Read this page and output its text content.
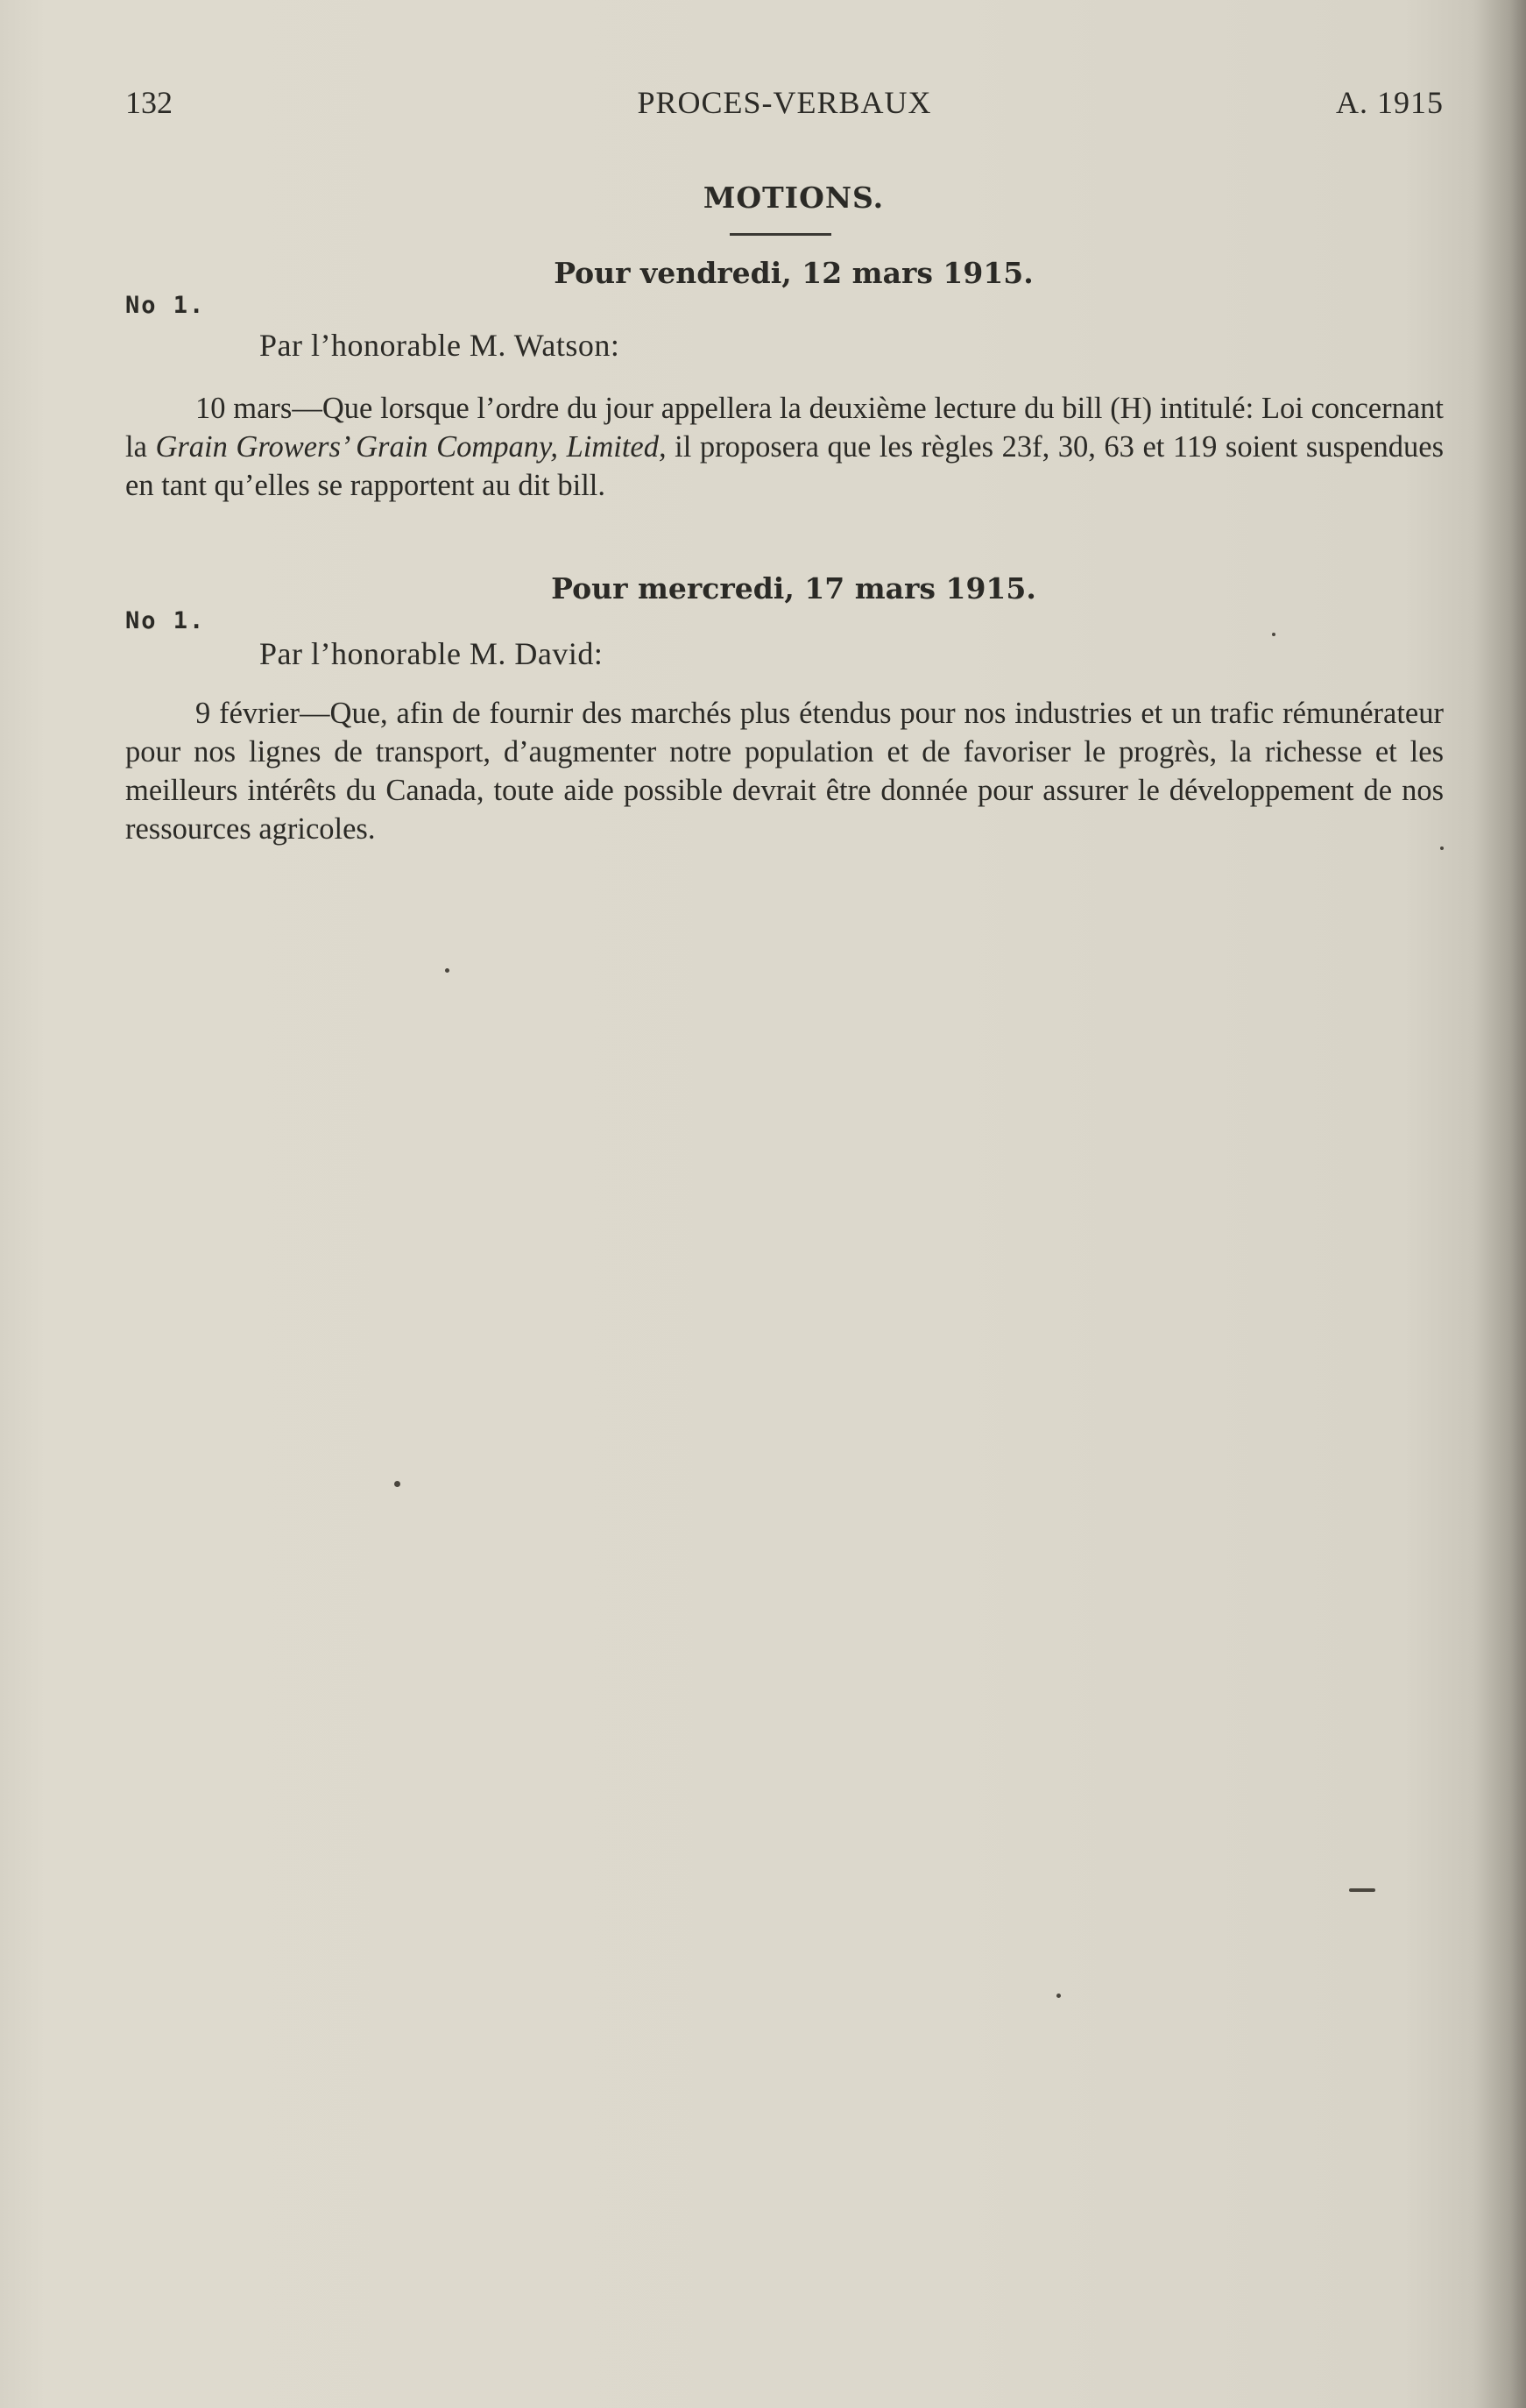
132	PROCES-VERBAUX	A. 1915
MOTIONS.
Pour vendredi, 12 mars 1915.
No 1.
Par l’honorable M. Watson:

10 mars—Que lorsque l’ordre du jour appellera la deuxième lecture du bill (H) intitulé: Loi concernant la Grain Growers’ Grain Company, Limited, il proposera que les règles 23f, 30, 63 et 119 soient suspendues en tant qu’elles se rapportent au dit bill.

Pour mercredi, 17 mars 1915.
No 1.
Par l’honorable M. David:

9 février—Que, afin de fournir des marchés plus étendus pour nos industries et un trafic rémunérateur pour nos lignes de transport, d’augmenter notre population et de favoriser le progrès, la richesse et les meilleurs intérêts du Canada, toute aide possible devrait être donnée pour assurer le développement de nos ressources agricoles.
